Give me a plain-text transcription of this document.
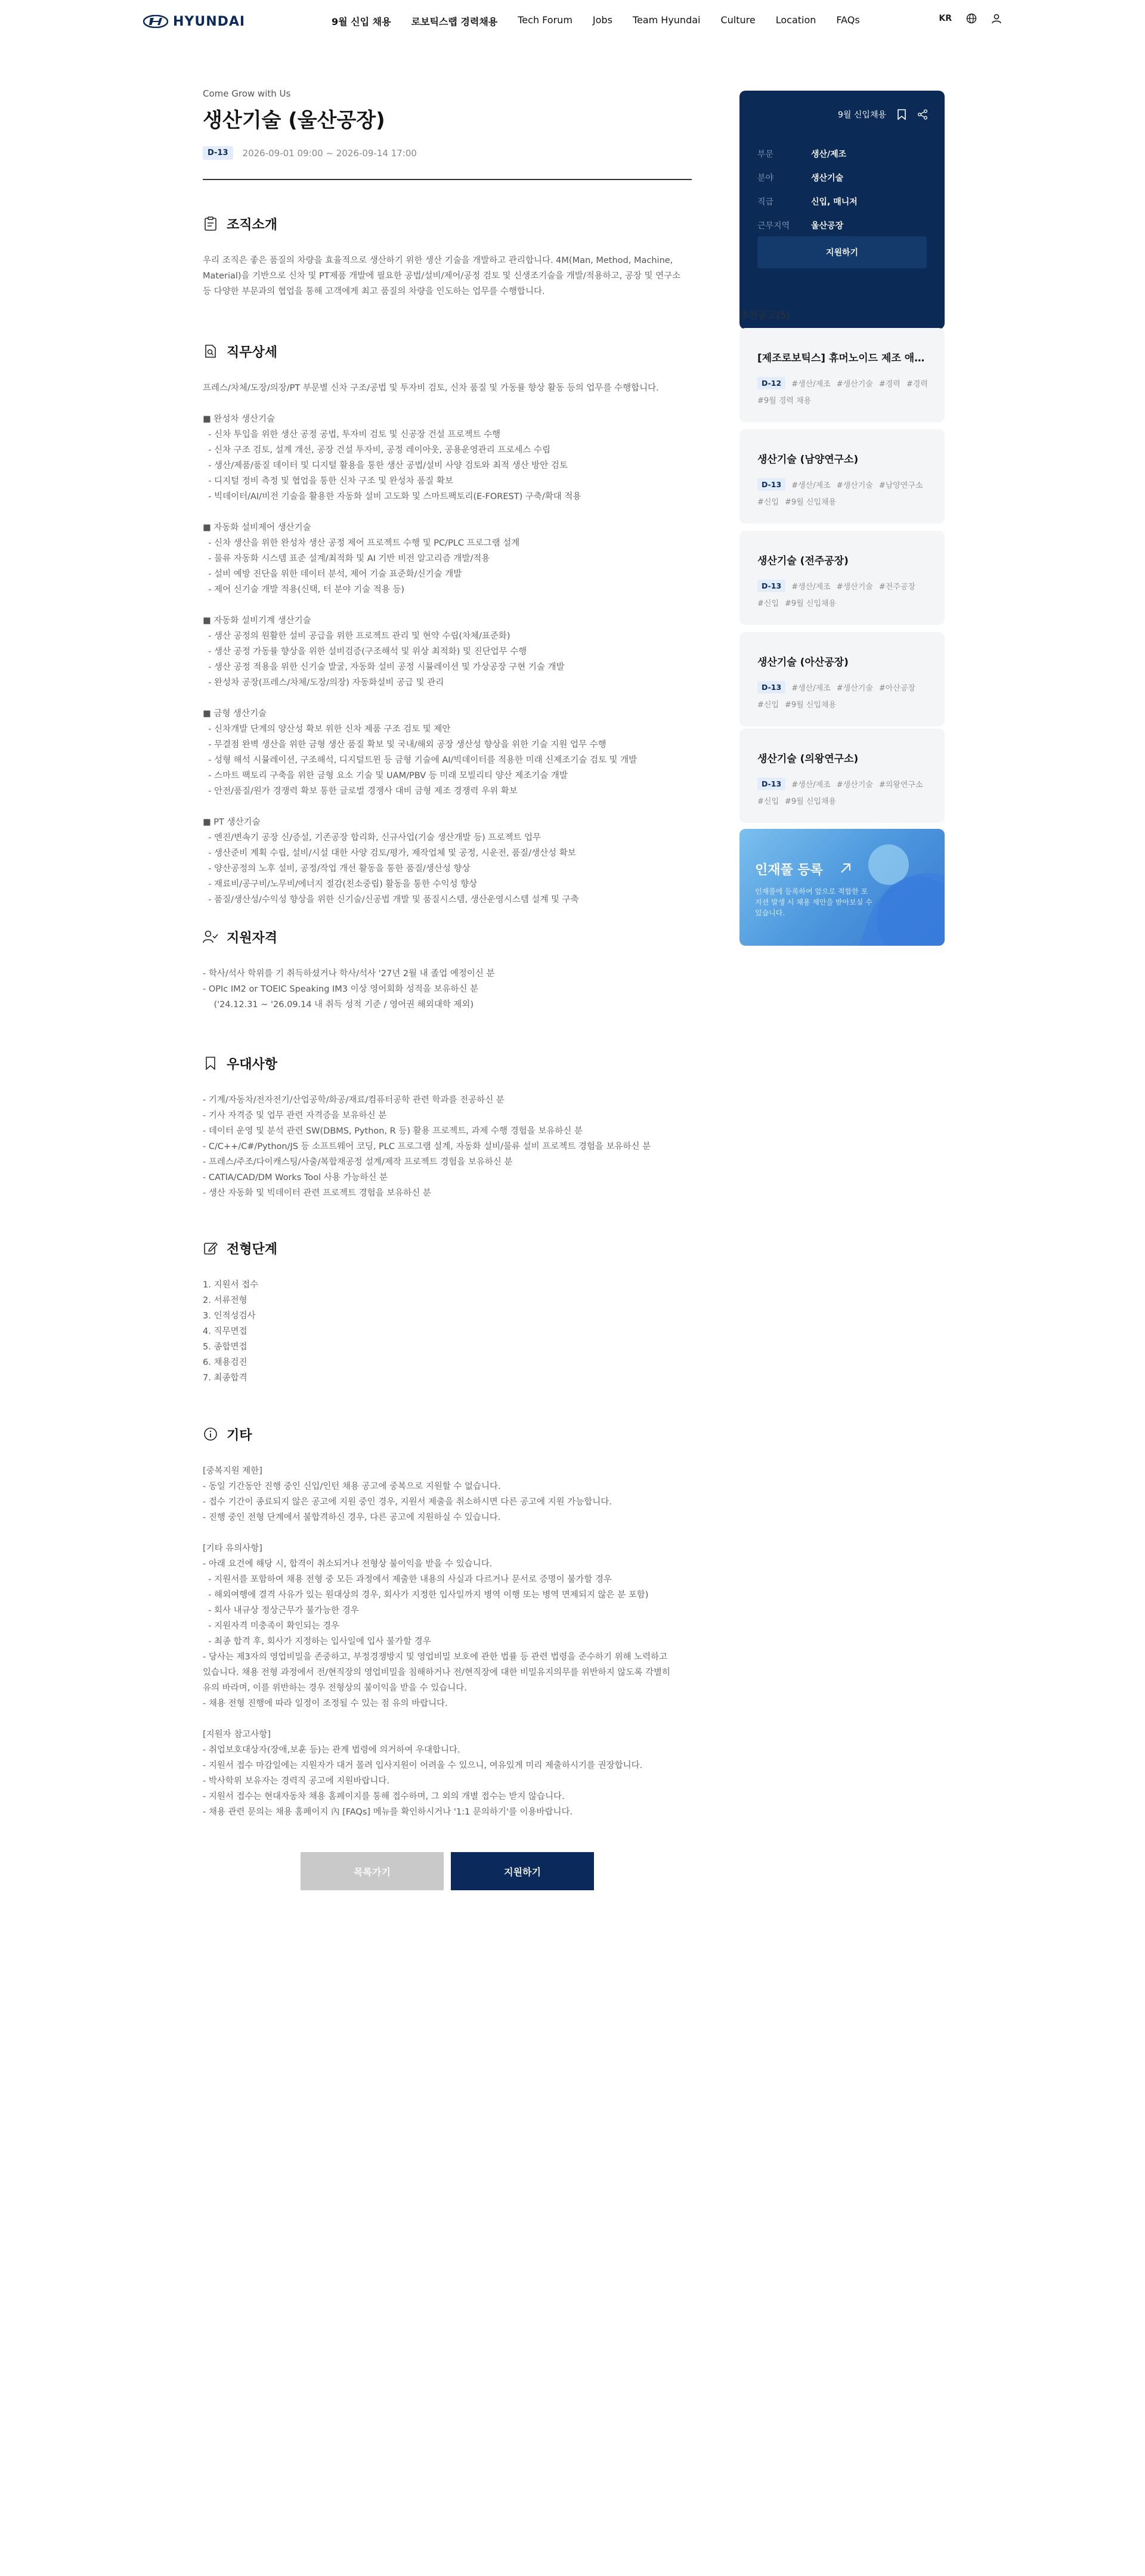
HYUNDAI	9월 신입 채용 로보틱스랩 경력채용 Tech Forum Jobs Team Hyundai Culture Location FAQs	KR
Come Grow with Us
생산기술 (울산공장)
D-13	2026-09-01 09:00 ~ 2026-09-14 17:00
조직소개
우리 조직은 좋은 품질의 차량을 효율적으로 생산하기 위한 생산 기술을 개발하고 관리합니다. 4M(Man, Method, Machine,
Material)을 기반으로 신차 및 PT제품 개발에 필요한 공법/설비/제어/공정 검토 및 신생조기술을 개발/적용하고, 공장 및 연구소
등 다양한 부문과의 협업을 통해 고객에게 최고 품질의 차량을 인도하는 업무를 수행합니다.
직무상세
프레스/차체/도장/의장/PT 부문별 신차 구조/공법 및 투자비 검토, 신차 품질 및 가동률 향상 활동 등의 업무를 수행합니다.

■ 완성차 생산기술
- 신차 투입을 위한 생산 공정 공법, 투자비 검토 및 신공장 건설 프로젝트 수행
- 신차 구조 검토, 설계 개선, 공장 건설 투자비, 공정 레이아웃, 공용운영관리 프로세스 수립
- 생산/제품/품질 데이터 및 디지털 활용을 통한 생산 공법/설비 사양 검토와 최적 생산 방안 검토
- 디지털 정비 측정 및 협업을 통한 신차 구조 및 완성차 품질 확보
- 빅데이터/AI/비전 기술을 활용한 자동화 설비 고도화 및 스마트팩토리(E-FOREST) 구축/확대 적용

■ 자동화 설비제어 생산기술
- 신차 생산을 위한 완성차 생산 공정 제어 프로젝트 수행 및 PC/PLC 프로그램 설계
- 물류 자동화 시스템 표준 설계/최적화 및 AI 기반 비전 알고리즘 개발/적용
- 설비 예방 진단을 위한 데이터 분석, 제어 기술 표준화/신기술 개발
- 제어 신기술 개발 적용(신택, 터 분야 기술 적용 등)

■ 자동화 설비기계 생산기술
- 생산 공정의 원활한 설비 공급을 위한 프로젝트 관리 및 현약 수립(차체/표준화)
- 생산 공정 가동률 향상을 위한 설비검증(구조해석 및 위상 최적화) 및 진단업무 수행
- 생산 공정 적용을 위한 신기술 발굴, 자동화 설비 공정 시뮬레이션 및 가상공장 구현 기술 개발
- 완성차 공장(프레스/차체/도장/의장) 자동화설비 공급 및 관리

■ 금형 생산기술
- 신차개발 단계의 양산성 확보 위한 신차 제품 구조 검토 및 제안
- 무결점 완벽 생산을 위한 금형 생산 품질 확보 및 국내/해외 공장 생산성 향상을 위한 기술 지원 업무 수행
- 성형 해석 시뮬레이션, 구조해석, 디지털트윈 등 금형 기술에 AI/빅데이터를 적용한 미래 신제조기술 검토 및 개발
- 스마트 팩토리 구축을 위한 금형 요소 기술 및 UAM/PBV 등 미래 모빌리티 양산 제조기술 개발
- 안전/품질/원가 경쟁력 확보 통한 글로벌 경쟁사 대비 금형 제조 경쟁력 우위 확보

■ PT 생산기술
- 엔진/변속기 공장 신/증설, 기존공장 합리화, 신규사업(기술 생산개발 등) 프로젝트 업무
- 생산준비 계획 수립, 설비/시설 대한 사양 검토/평가, 제작업체 및 공정, 시운전, 품질/생산성 확보
- 양산공정의 노후 설비, 공정/작업 개선 활동을 통한 품질/생산성 향상
- 재료비/공구비/노무비/에너지 절감(친소중립) 활동을 통한 수익성 향상
- 품질/생산성/수익성 향상을 위한 신기술/신공법 개발 및 품질시스템, 생산운영시스템 설계 및 구축
지원자격
- 학사/석사 학위를 기 취득하셨거나 학사/석사 '27년 2월 내 졸업 예정이신 분
- OPIc IM2 or TOEIC Speaking IM3 이상 영어회화 성적을 보유하신 분
('24.12.31 ~ '26.09.14 내 취득 성적 기준 / 영어권 해외대학 제외)
우대사항
- 기계/자동차/전자전기/산업공학/화공/재료/컴퓨터공학 관련 학과를 전공하신 분
- 기사 자격증 및 업무 관련 자격증을 보유하신 분
- 데이터 운영 및 분석 관련 SW(DBMS, Python, R 등) 활용 프로젝트, 과제 수행 경험을 보유하신 분
- C/C++/C#/Python/JS 등 소프트웨어 코딩, PLC 프로그램 설계, 자동화 설비/물류 설비 프로젝트 경험을 보유하신 분
- 프레스/주조/다이캐스팅/사출/복합재공정 설계/제작 프로젝트 경험을 보유하신 분
- CATIA/CAD/DM Works Tool 사용 가능하신 분
- 생산 자동화 및 빅데이터 관련 프로젝트 경험을 보유하신 분
전형단계
1. 지원서 접수
2. 서류전형
3. 인적성검사
4. 직무면접
5. 종합면접
6. 채용검진
7. 최종합격
기타
[중복지원 제한]
- 동일 기간동안 진행 중인 신입/인턴 채용 공고에 중복으로 지원할 수 없습니다.
- 접수 기간이 종료되지 않은 공고에 지원 중인 경우, 지원서 제출을 취소하시면 다른 공고에 지원 가능합니다.
- 진행 중인 전형 단계에서 불합격하신 경우, 다른 공고에 지원하실 수 있습니다.

[기타 유의사항]
- 아래 요건에 해당 시, 합격이 취소되거나 전형상 불이익을 받을 수 있습니다.
- 지원서를 포함하여 채용 전형 중 모든 과정에서 제출한 내용의 사실과 다르거나 문서로 증명이 불가할 경우
- 해외여행에 결격 사유가 있는 원대상의 경우, 회사가 지정한 입사일까지 병역 이행 또는 병역 면제되지 않은 분 포함)
- 회사 내규상 정상근무가 불가능한 경우
- 지원자격 미충족이 확인되는 경우
- 최종 합격 후, 회사가 지정하는 입사일에 입사 불가할 경우
- 당사는 제3자의 영업비밀을 존중하고, 부정경쟁방지 및 영업비밀 보호에 관한 법률 등 관련 법령을 준수하기 위해 노력하고
있습니다. 채용 전형 과정에서 전/현직장의 영업비밀을 침해하거나 전/현직장에 대한 비밀유지의무를 위반하지 않도록 각별히
유의 바라며, 이를 위반하는 경우 전형상의 불이익을 받을 수 있습니다.
- 채용 전형 진행에 따라 일정이 조정될 수 있는 점 유의 바랍니다.

[지원자 참고사항]
- 취업보호대상자(장애,보훈 등)는 관계 법령에 의거하여 우대합니다.
- 지원서 접수 마감일에는 지원자가 대거 몰려 입사지원이 어려울 수 있으니, 여유있게 미리 제출하시기를 권장합니다.
- 박사학위 보유자는 경력직 공고에 지원바랍니다.
- 지원서 접수는 현대자동차 채용 홈페이지를 통해 접수하며, 그 외의 개별 접수는 받지 않습니다.
- 채용 관련 문의는 채용 홈페이지 內 [FAQs] 메뉴를 확인하시거나 '1:1 문의하기'를 이용바랍니다.
9월 신입채용
부문	생산/제조
분야	생산기술
직급	신입, 매니저
근무지역	울산공장
지원하기
추천공고(5)
[제조로보틱스] 휴머노이드 제조 애…
D-12	#생산/제조 #생산기술 #경력 #경력
#9월 경력 채용
생산기술 (남양연구소)
D-13	#생산/제조 #생산기술 #남양연구소
#신입 #9월 신입채용
생산기술 (전주공장)
D-13	#생산/제조 #생산기술 #전주공장
#신입 #9월 신입채용
생산기술 (아산공장)
D-13	#생산/제조 #생산기술 #아산공장
#신입 #9월 신입채용
생산기술 (의왕연구소)
D-13	#생산/제조 #생산기술 #의왕연구소
#신입 #9월 신입채용
인재풀 등록
인재풀에 등록하여 앞으로 적합한 포지션 발생 시 채용 제안을 받아보실 수 있습니다.
목록가기	지원하기
